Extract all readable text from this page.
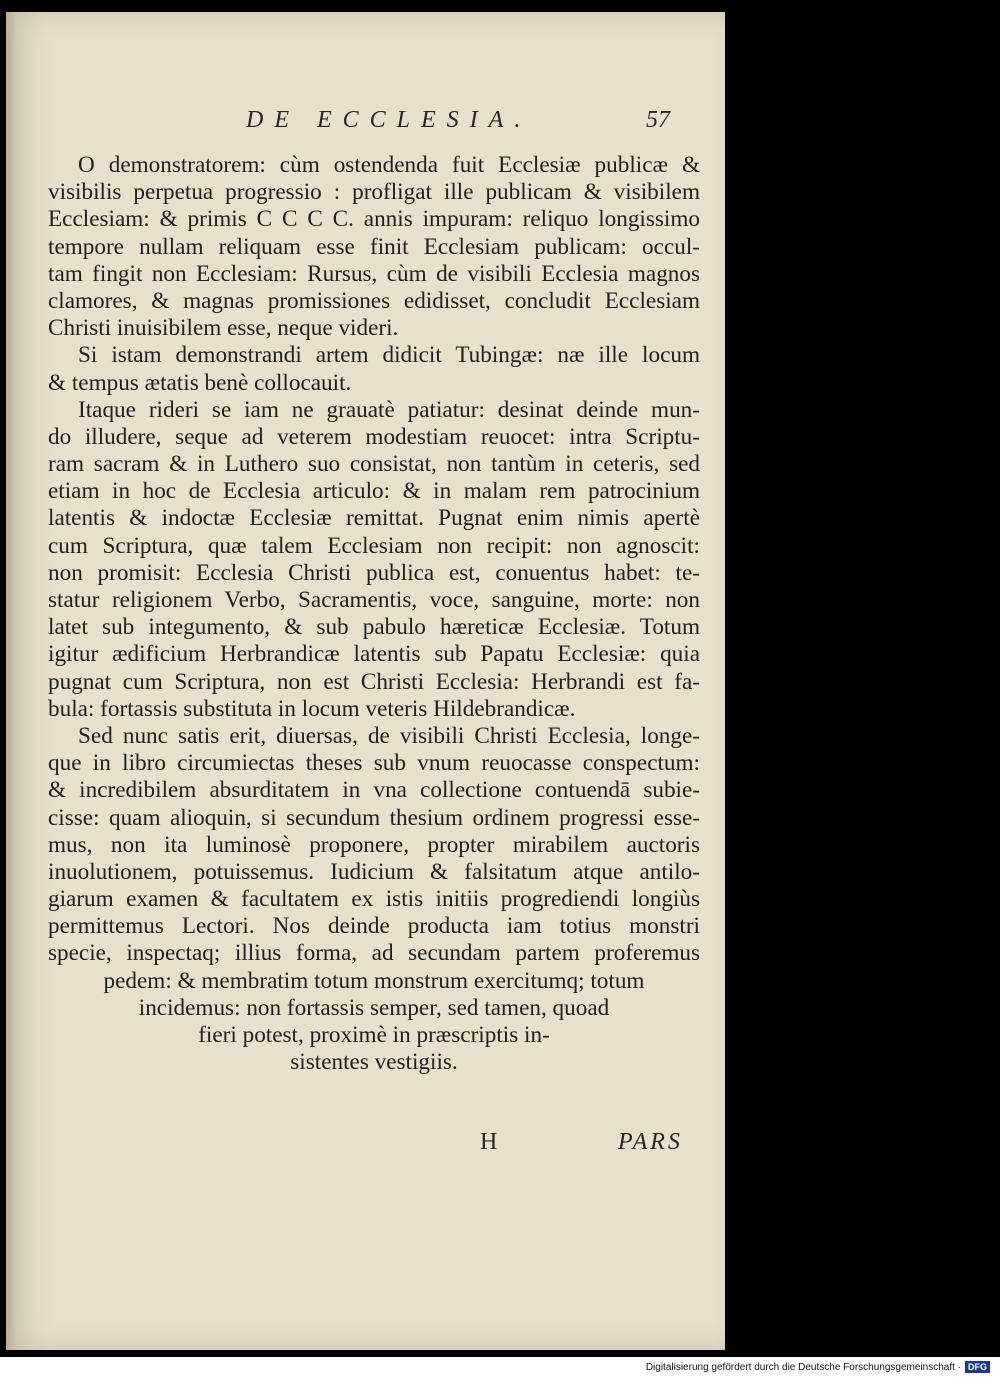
DE ECCLESIA.	57
O demonstratorem: cùm ostendenda fuit Ecclesiæ publicæ &
visibilis perpetua progressio : profligat ille publicam & visibilem
Ecclesiam: & primis C C C C. annis impuram: reliquo longissimo
tempore nullam reliquam esse finit Ecclesiam publicam: occul-
tam fingit non Ecclesiam: Rursus, cùm de visibili Ecclesia magnos
clamores, & magnas promissiones edidisset, concludit Ecclesiam
Christi inuisibilem esse, neque videri.
Si istam demonstrandi artem didicit Tubingæ: næ ille locum
& tempus ætatis benè collocauit.
Itaque rideri se iam ne grauatè patiatur: desinat deinde mun-
do illudere, seque ad veterem modestiam reuocet: intra Scriptu-
ram sacram & in Luthero suo consistat, non tantùm in ceteris, sed
etiam in hoc de Ecclesia articulo: & in malam rem patrocinium
latentis & indoctæ Ecclesiæ remittat. Pugnat enim nimis apertè
cum Scriptura, quæ talem Ecclesiam non recipit: non agnoscit:
non promisit: Ecclesia Christi publica est, conuentus habet: te-
statur religionem Verbo, Sacramentis, voce, sanguine, morte: non
latet sub integumento, & sub pabulo hæreticæ Ecclesiæ. Totum
igitur ædificium Herbrandicæ latentis sub Papatu Ecclesiæ: quia
pugnat cum Scriptura, non est Christi Ecclesia: Herbrandi est fa-
bula: fortassis substituta in locum veteris Hildebrandicæ.
Sed nunc satis erit, diuersas, de visibili Christi Ecclesia, longe-
que in libro circumiectas theses sub vnum reuocasse conspectum:
& incredibilem absurditatem in vna collectione contuendā subie-
cisse: quam alioquin, si secundum thesium ordinem progressi esse-
mus, non ita luminosè proponere, propter mirabilem auctoris
inuolutionem, potuissemus. Iudicium & falsitatum atque antilo-
giarum examen & facultatem ex istis initiis progrediendi longiùs
permittemus Lectori. Nos deinde producta iam totius monstri
specie, inspectaq; illius forma, ad secundam partem proferemus
pedem: & membratim totum monstrum exercitumq; totum
incidemus: non fortassis semper, sed tamen, quoad
fieri potest, proximè in præscriptis in-
sistentes vestigiis.
H	PARS
Digitalisierung gefördert durch die Deutsche Forschungsgemeinschaft · DFG
